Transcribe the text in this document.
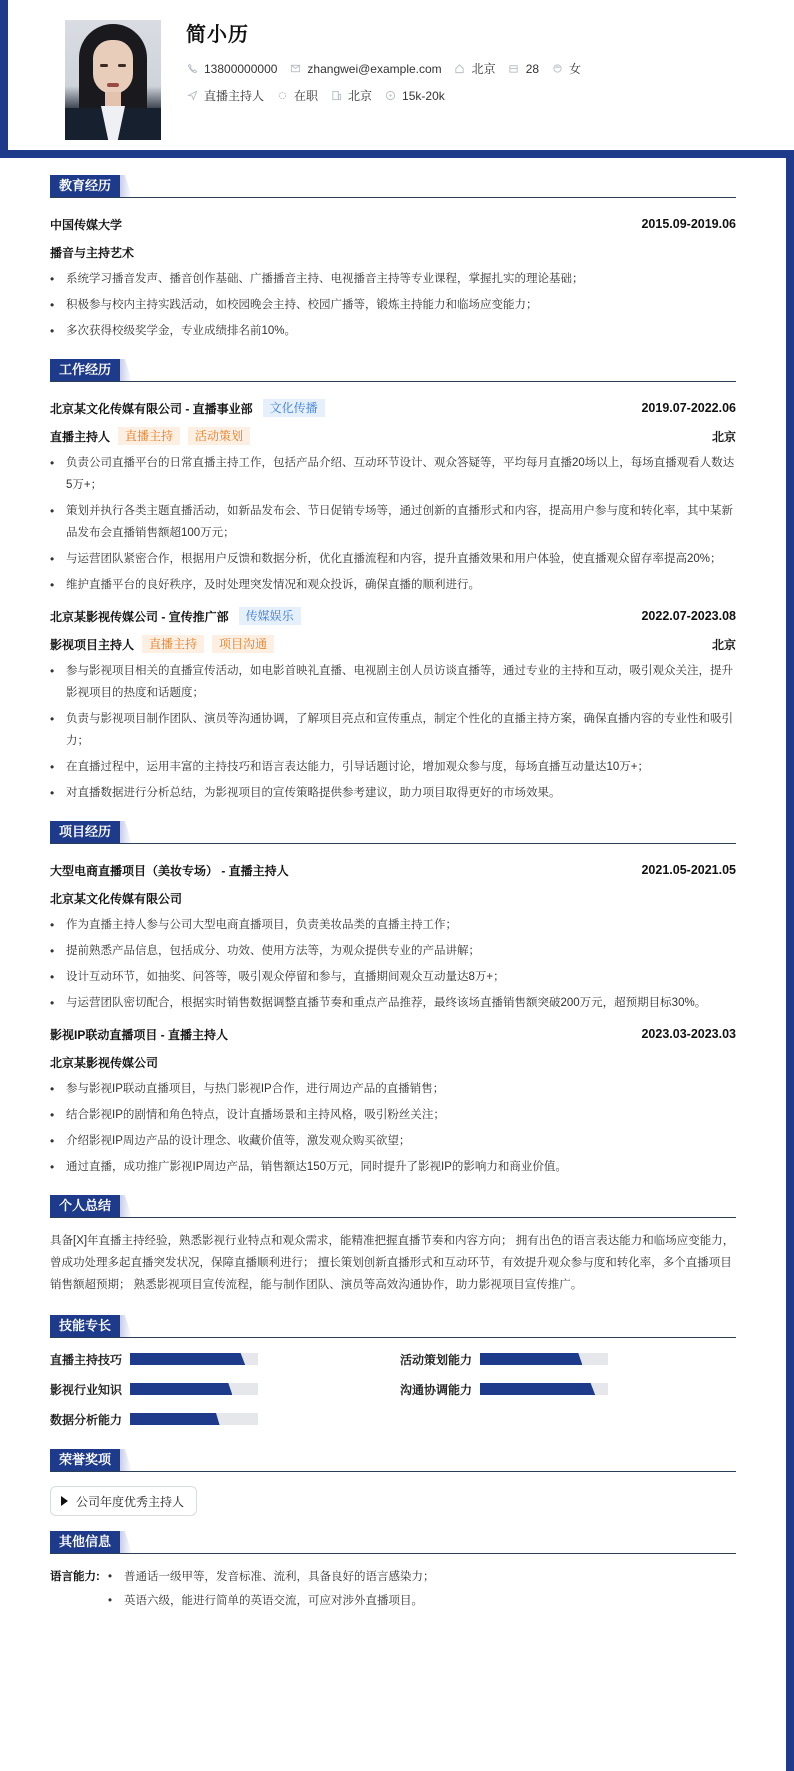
简小历
13800000000	zhangwei@example.com	北京	28	女
直播主持人	在职	北京	15k-20k
教育经历
中国传媒大学	2015.09-2019.06
播音与主持艺术
• 系统学习播音发声、播音创作基础、广播播音主持、电视播音主持等专业课程，掌握扎实的理论基础；
• 积极参与校内主持实践活动，如校园晚会主持、校园广播等，锻炼主持能力和临场应变能力；
• 多次获得校级奖学金，专业成绩排名前10%。
工作经历
北京某文化传媒有限公司 - 直播事业部	文化传播	2019.07-2022.06
直播主持人	直播主持	活动策划	北京
• 负责公司直播平台的日常直播主持工作，包括产品介绍、互动环节设计、观众答疑等，平均每月直播20场以上，每场直播观看人数达5万+；
• 策划并执行各类主题直播活动，如新品发布会、节日促销专场等，通过创新的直播形式和内容，提高用户参与度和转化率，其中某新品发布会直播销售额超100万元；
• 与运营团队紧密合作，根据用户反馈和数据分析，优化直播流程和内容，提升直播效果和用户体验，使直播观众留存率提高20%；
• 维护直播平台的良好秩序，及时处理突发情况和观众投诉，确保直播的顺利进行。
北京某影视传媒公司 - 宣传推广部	传媒娱乐	2022.07-2023.08
影视项目主持人	直播主持	项目沟通	北京
• 参与影视项目相关的直播宣传活动，如电影首映礼直播、电视剧主创人员访谈直播等，通过专业的主持和互动，吸引观众关注，提升影视项目的热度和话题度；
• 负责与影视项目制作团队、演员等沟通协调，了解项目亮点和宣传重点，制定个性化的直播主持方案，确保直播内容的专业性和吸引力；
• 在直播过程中，运用丰富的主持技巧和语言表达能力，引导话题讨论，增加观众参与度，每场直播互动量达10万+；
• 对直播数据进行分析总结，为影视项目的宣传策略提供参考建议，助力项目取得更好的市场效果。
项目经历
大型电商直播项目（美妆专场） - 直播主持人	2021.05-2021.05
北京某文化传媒有限公司
• 作为直播主持人参与公司大型电商直播项目，负责美妆品类的直播主持工作；
• 提前熟悉产品信息，包括成分、功效、使用方法等，为观众提供专业的产品讲解；
• 设计互动环节，如抽奖、问答等，吸引观众停留和参与，直播期间观众互动量达8万+；
• 与运营团队密切配合，根据实时销售数据调整直播节奏和重点产品推荐，最终该场直播销售额突破200万元，超预期目标30%。
影视IP联动直播项目 - 直播主持人	2023.03-2023.03
北京某影视传媒公司
• 参与影视IP联动直播项目，与热门影视IP合作，进行周边产品的直播销售；
• 结合影视IP的剧情和角色特点，设计直播场景和主持风格，吸引粉丝关注；
• 介绍影视IP周边产品的设计理念、收藏价值等，激发观众购买欲望；
• 通过直播，成功推广影视IP周边产品，销售额达150万元，同时提升了影视IP的影响力和商业价值。
个人总结
具备[X]年直播主持经验，熟悉影视行业特点和观众需求，能精准把握直播节奏和内容方向； 拥有出色的语言表达能力和临场应变能力，曾成功处理多起直播突发状况，保障直播顺利进行； 擅长策划创新直播形式和互动环节，有效提升观众参与度和转化率，多个直播项目销售额超预期； 熟悉影视项目宣传流程，能与制作团队、演员等高效沟通协作，助力影视项目宣传推广。
技能专长
直播主持技巧	活动策划能力
影视行业知识	沟通协调能力
数据分析能力
荣誉奖项
公司年度优秀主持人
其他信息
语言能力:	• 普通话一级甲等，发音标准、流利，具备良好的语言感染力；
• 英语六级，能进行简单的英语交流，可应对涉外直播项目。
